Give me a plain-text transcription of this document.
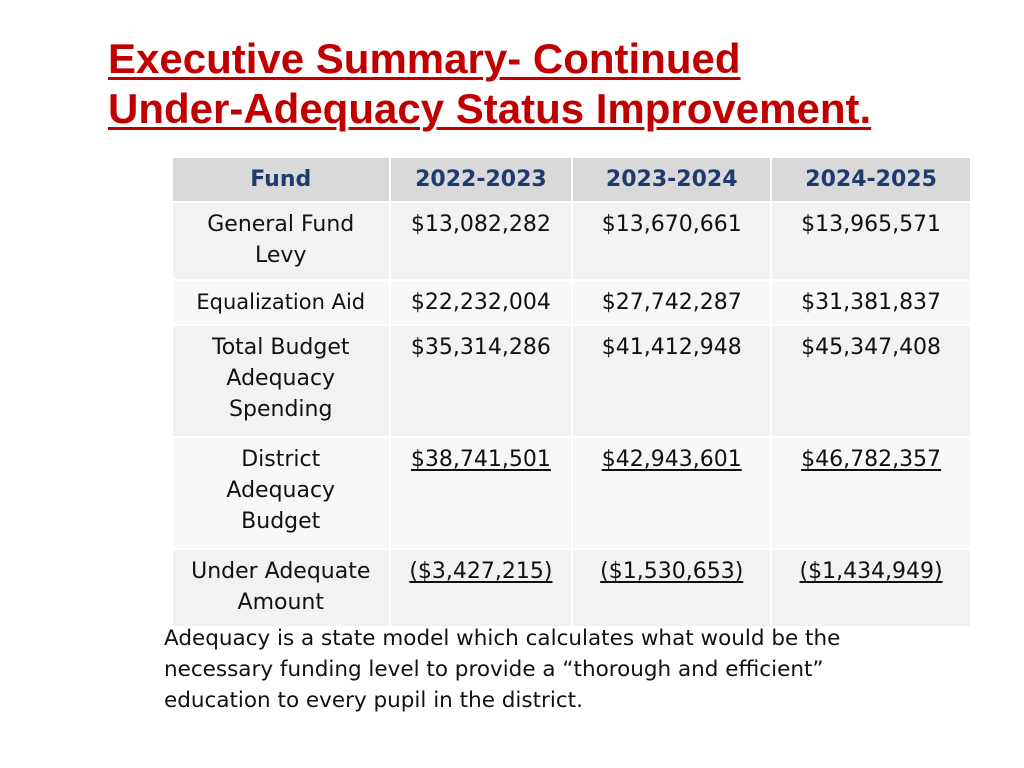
Executive Summary- Continued
Under-Adequacy Status Improvement.
Fund	2022-2023	2023-2024	2024-2025
General Fund Levy	$13,082,282	$13,670,661	$13,965,571
Equalization Aid	$22,232,004	$27,742,287	$31,381,837
Total Budget Adequacy Spending	$35,314,286	$41,412,948	$45,347,408
District Adequacy Budget	$38,741,501	$42,943,601	$46,782,357
Under Adequate Amount	($3,427,215)	($1,530,653)	($1,434,949)

Adequacy is a state model which calculates what would be the necessary funding level to provide a “thorough and efficient” education to every pupil in the district.
